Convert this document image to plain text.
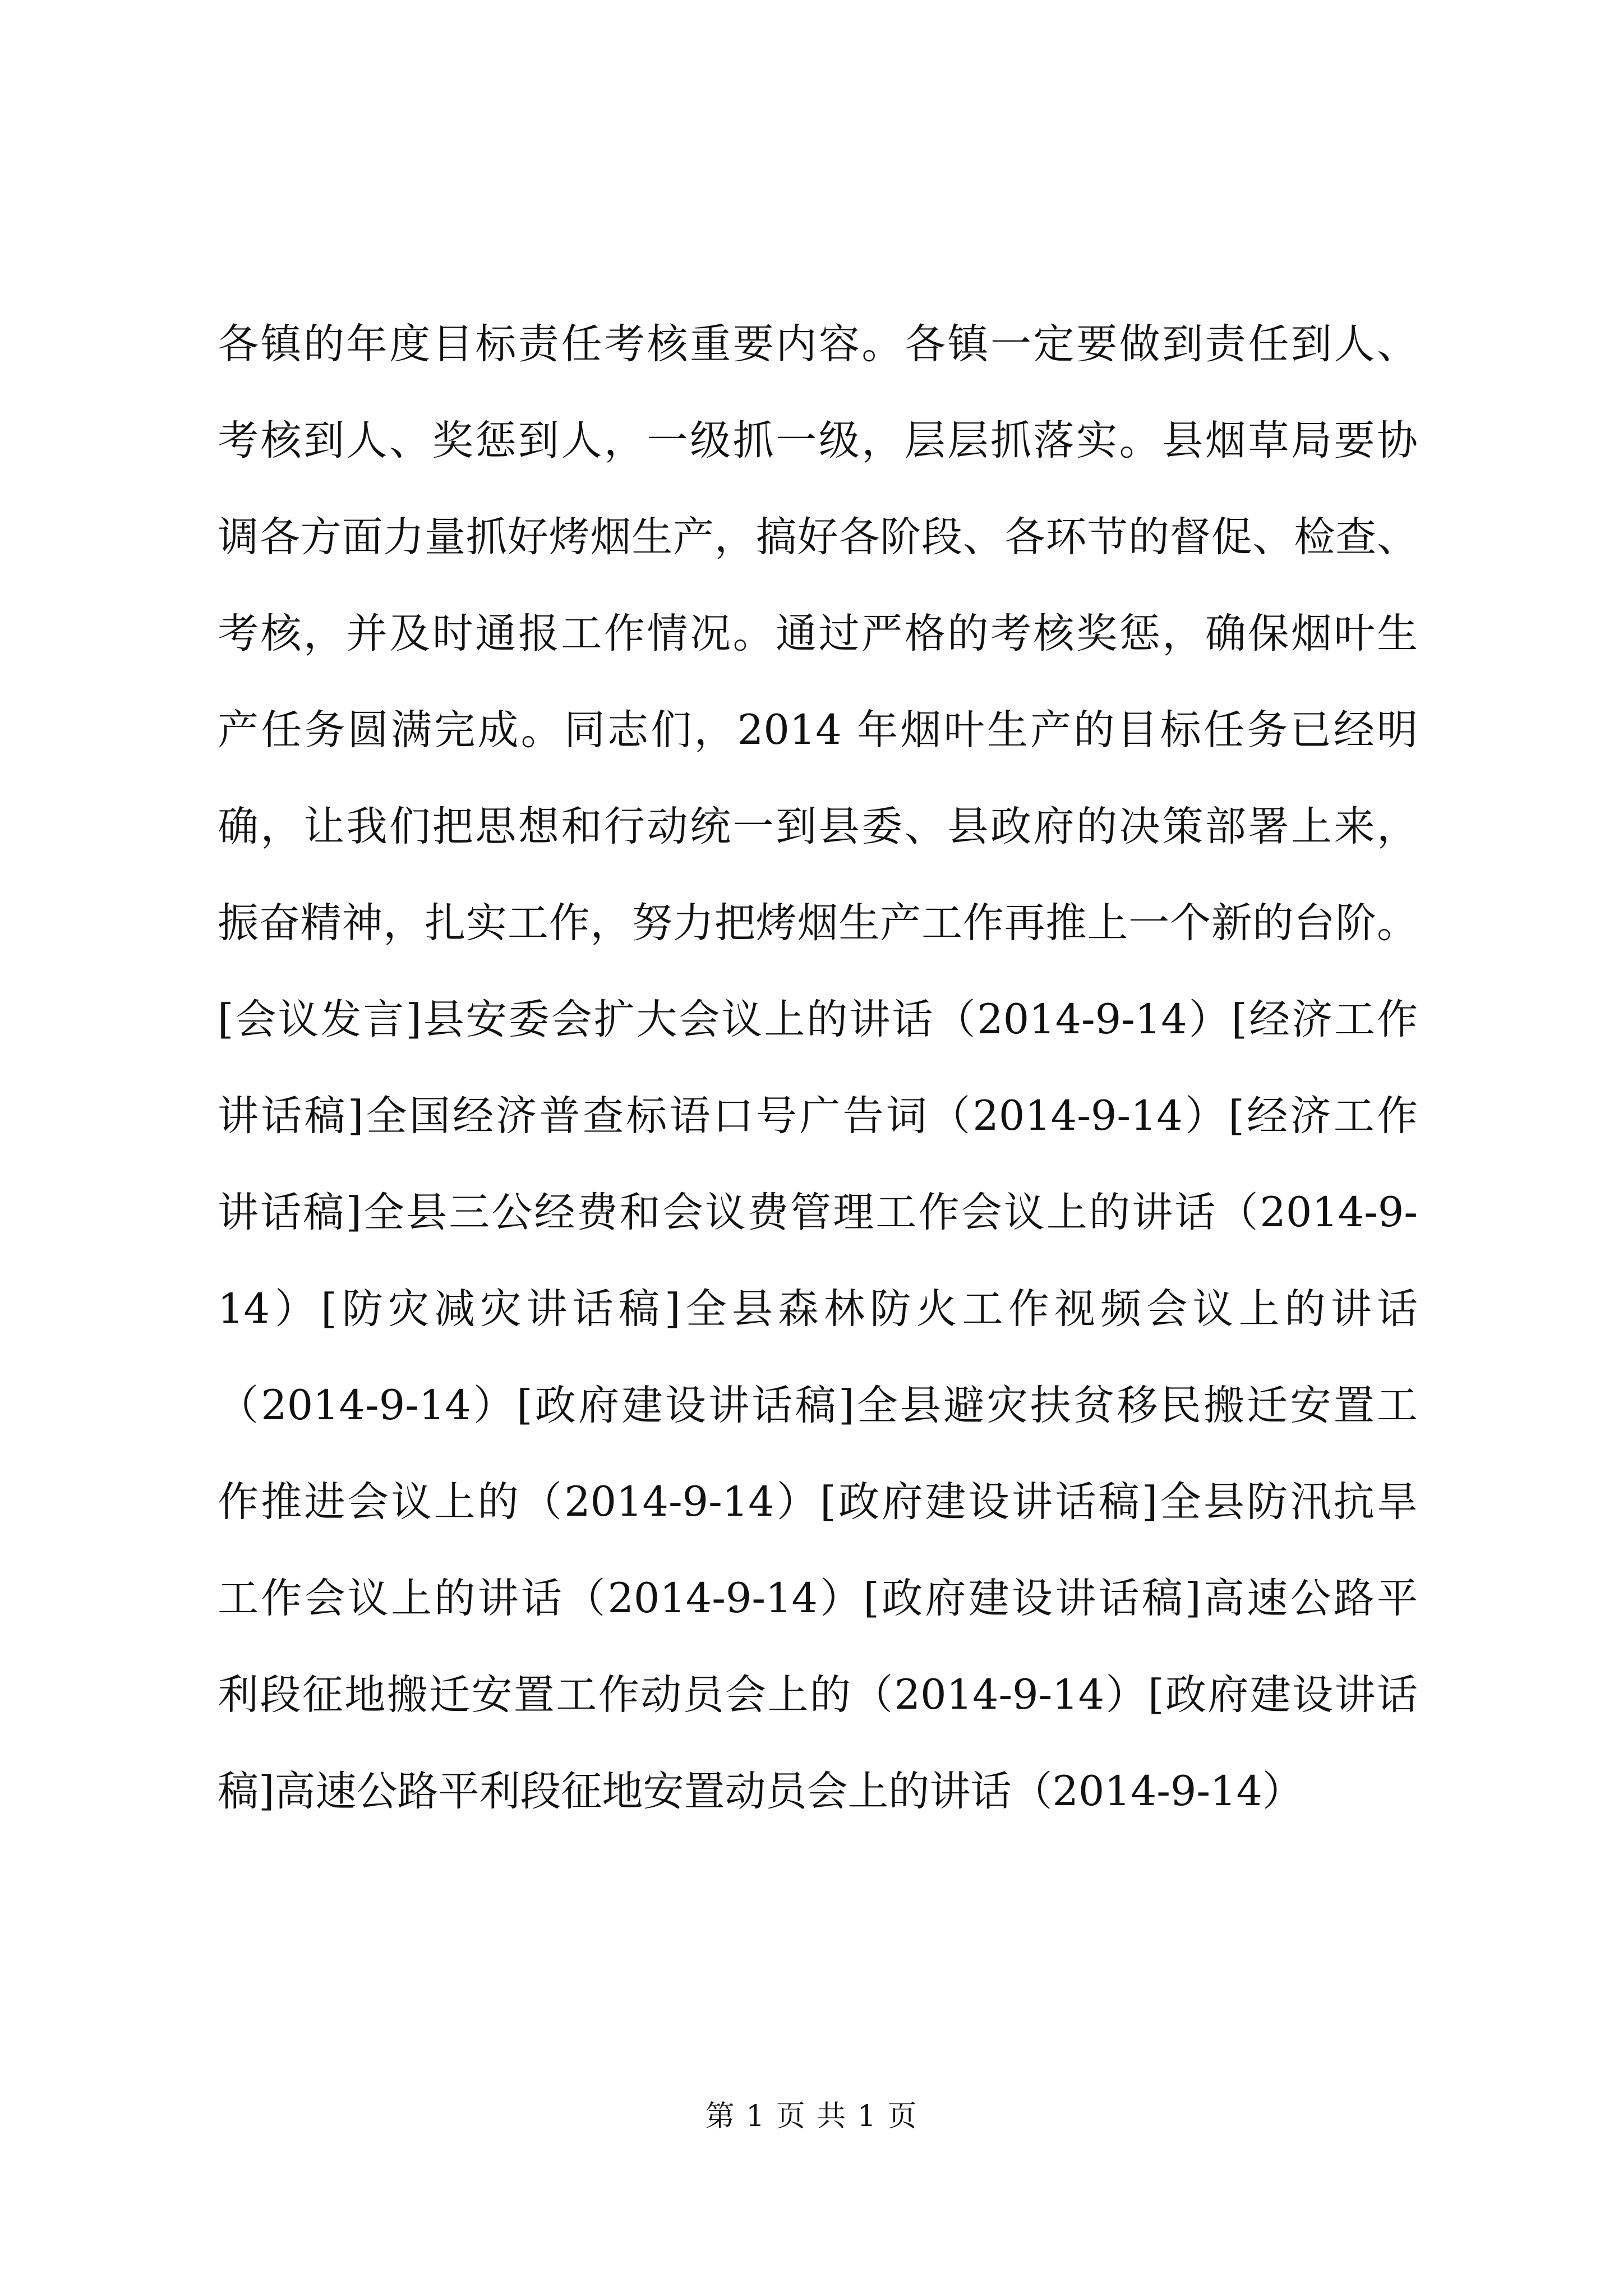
各镇的年度目标责任考核重要内容。各镇一定要做到责任到人、
考核到人、奖惩到人，一级抓一级，层层抓落实。县烟草局要协
调各方面力量抓好烤烟生产，搞好各阶段、各环节的督促、检查、
考核，并及时通报工作情况。通过严格的考核奖惩，确保烟叶生
产任务圆满完成。同志们，2014 年烟叶生产的目标任务已经明
确，让我们把思想和行动统一到县委、县政府的决策部署上来，
振奋精神，扎实工作，努力把烤烟生产工作再推上一个新的台阶。
[会议发言]县安委会扩大会议上的讲话（2014-9-14）[经济工作
讲话稿]全国经济普查标语口号广告词（2014-9-14）[经济工作
讲话稿]全县三公经费和会议费管理工作会议上的讲话（2014-9-
14）[防灾减灾讲话稿]全县森林防火工作视频会议上的讲话
（2014-9-14）[政府建设讲话稿]全县避灾扶贫移民搬迁安置工
作推进会议上的（2014-9-14）[政府建设讲话稿]全县防汛抗旱
工作会议上的讲话（2014-9-14）[政府建设讲话稿]高速公路平
利段征地搬迁安置工作动员会上的（2014-9-14）[政府建设讲话
稿]高速公路平利段征地安置动员会上的讲话（2014-9-14）
第 1 页 共 1 页
